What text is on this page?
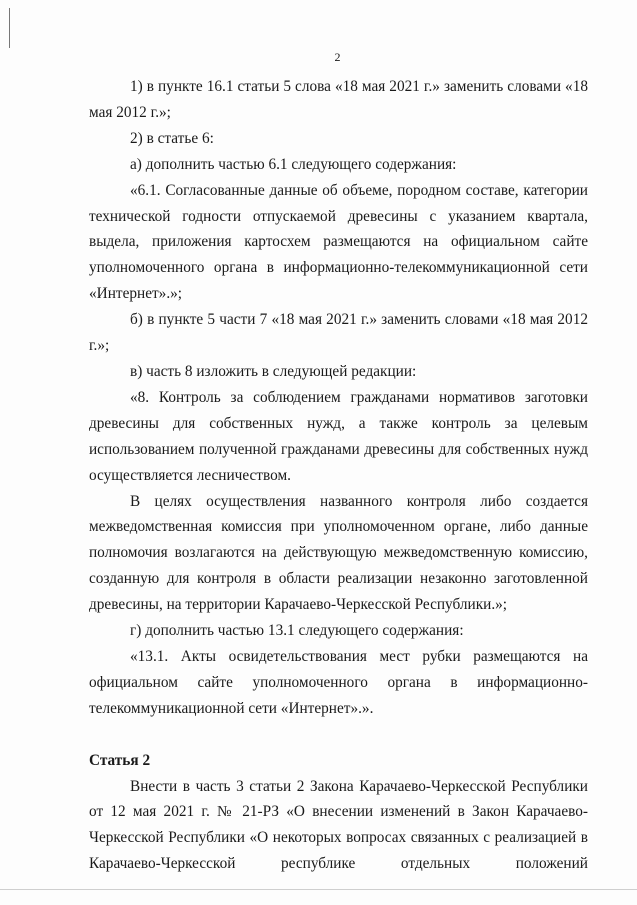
2

1) в пункте 16.1 статьи 5 слова «18 мая 2021 г.» заменить словами «18 мая 2012 г.»;

2) в статье 6:

а) дополнить частью 6.1 следующего содержания:

«6.1. Согласованные данные об объеме, породном составе, категории технической годности отпускаемой древесины с указанием квартала, выдела, приложения картосхем размещаются на официальном сайте уполномоченного органа в информационно-телекоммуникационной сети «Интернет».»;

б) в пункте 5 части 7 «18 мая 2021 г.» заменить словами «18 мая 2012 г.»;

в) часть 8 изложить в следующей редакции:

«8. Контроль за соблюдением гражданами нормативов заготовки древесины для собственных нужд, а также контроль за целевым использованием полученной гражданами древесины для собственных нужд осуществляется лесничеством.

В целях осуществления названного контроля либо создается межведомственная комиссия при уполномоченном органе, либо данные полномочия возлагаются на действующую межведомственную комиссию, созданную для контроля в области реализации незаконно заготовленной древесины, на территории Карачаево-Черкесской Республики.»;

г) дополнить частью 13.1 следующего содержания:

«13.1. Акты освидетельствования мест рубки размещаются на официальном сайте уполномоченного органа в информационно-телекоммуникационной сети «Интернет».».

Статья 2

Внести в часть 3 статьи 2 Закона Карачаево-Черкесской Республики от 12 мая 2021 г. № 21-РЗ «О внесении изменений в Закон Карачаево-Черкесской Республики «О некоторых вопросах связанных с реализацией в Карачаево-Черкесской республике отдельных положений
